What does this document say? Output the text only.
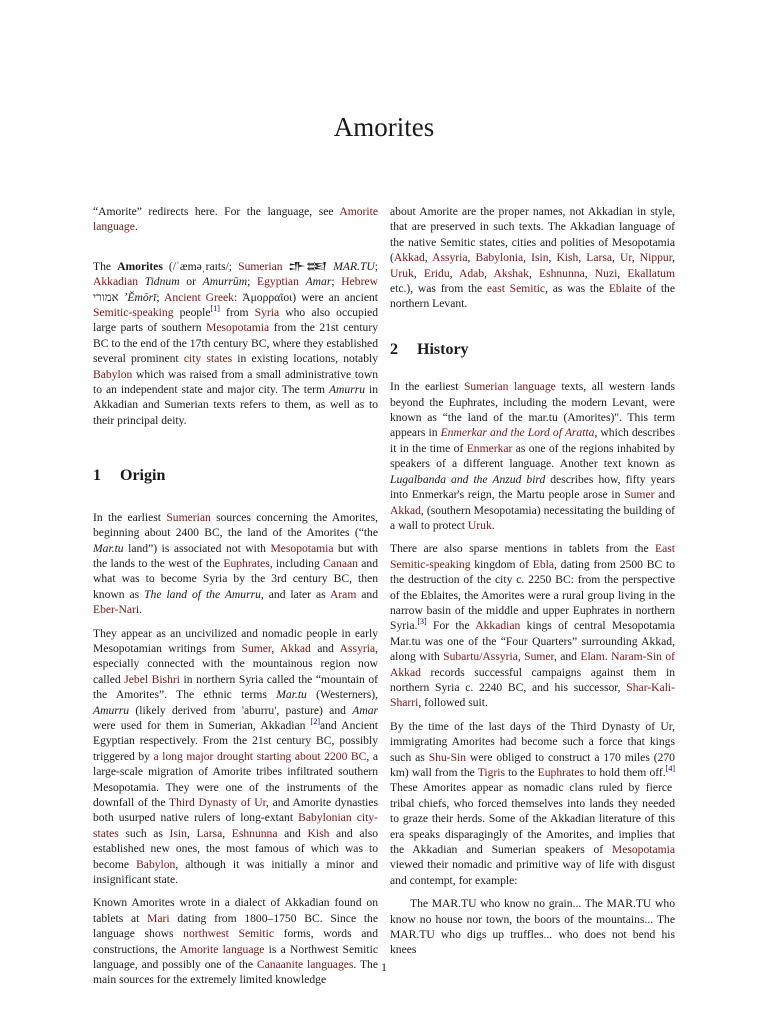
Amorites

“Amorite” redirects here. For the language, see Amorite language.

The Amorites (/ˈæməˌraɪts/; Sumerian 𒈥𒌅 MAR.TU; Akkadian Tidnum or Amurrūm; Egyptian Amar; Hebrew אמורי ʼĔmōrī; Ancient Greek: Ἀμορραῖοι) were an ancient Semitic-speaking people[1] from Syria who also occupied large parts of southern Mesopotamia from the 21st century BC to the end of the 17th century BC, where they established several prominent city states in existing locations, notably Babylon which was raised from a small administrative town to an independent state and major city. The term Amurru in Akkadian and Sumerian texts refers to them, as well as to their principal deity.

1 Origin

In the earliest Sumerian sources concerning the Amorites, beginning about 2400 BC, the land of the Amorites (“the Mar.tu land”) is associated not with Mesopotamia but with the lands to the west of the Euphrates, including Canaan and what was to become Syria by the 3rd century BC, then known as The land of the Amurru, and later as Aram and Eber-Nari.

They appear as an uncivilized and nomadic people in early Mesopotamian writings from Sumer, Akkad and Assyria, especially connected with the mountainous region now called Jebel Bishri in northern Syria called the “mountain of the Amorites”. The ethnic terms Mar.tu (Westerners), Amurru (likely derived from 'aburru', pasture) and Amar were used for them in Sumerian, Akkadian [2]and Ancient Egyptian respectively. From the 21st century BC, possibly triggered by a long major drought starting about 2200 BC, a large-scale migration of Amorite tribes infiltrated southern Mesopotamia. They were one of the instruments of the downfall of the Third Dynasty of Ur, and Amorite dynasties both usurped native rulers of long-extant Babylonian city-states such as Isin, Larsa, Eshnunna and Kish and also established new ones, the most famous of which was to become Babylon, although it was initially a minor and insignificant state.

Known Amorites wrote in a dialect of Akkadian found on tablets at Mari dating from 1800–1750 BC. Since the language shows northwest Semitic forms, words and constructions, the Amorite language is a Northwest Semitic language, and possibly one of the Canaanite languages. The main sources for the extremely limited knowledge

about Amorite are the proper names, not Akkadian in style, that are preserved in such texts. The Akkadian language of the native Semitic states, cities and polities of Mesopotamia (Akkad, Assyria, Babylonia, Isin, Kish, Larsa, Ur, Nippur, Uruk, Eridu, Adab, Akshak, Eshnunna, Nuzi, Ekallatum etc.), was from the east Semitic, as was the Eblaite of the northern Levant.

2 History

In the earliest Sumerian language texts, all western lands beyond the Euphrates, including the modern Levant, were known as “the land of the mar.tu (Amorites)". This term appears in Enmerkar and the Lord of Aratta, which describes it in the time of Enmerkar as one of the regions inhabited by speakers of a different language. Another text known as Lugalbanda and the Anzud bird describes how, fifty years into Enmerkar's reign, the Martu people arose in Sumer and Akkad, (southern Mesopotamia) necessitating the building of a wall to protect Uruk.

There are also sparse mentions in tablets from the East Semitic-speaking kingdom of Ebla, dating from 2500 BC to the destruction of the city c. 2250 BC: from the perspective of the Eblaites, the Amorites were a rural group living in the narrow basin of the middle and upper Euphrates in northern Syria.[3] For the Akkadian kings of central Mesopotamia Mar.tu was one of the “Four Quarters” surrounding Akkad, along with Subartu/Assyria, Sumer, and Elam. Naram-Sin of Akkad records successful campaigns against them in northern Syria c. 2240 BC, and his successor, Shar-Kali-Sharri, followed suit.

By the time of the last days of the Third Dynasty of Ur, immigrating Amorites had become such a force that kings such as Shu-Sin were obliged to construct a 170 miles (270 km) wall from the Tigris to the Euphrates to hold them off.[4] These Amorites appear as nomadic clans ruled by fierce tribal chiefs, who forced themselves into lands they needed to graze their herds. Some of the Akkadian literature of this era speaks disparagingly of the Amorites, and implies that the Akkadian and Sumerian speakers of Mesopotamia viewed their nomadic and primitive way of life with disgust and contempt, for example:

The MAR.TU who know no grain... The MAR.TU who know no house nor town, the boors of the mountains... The MAR.TU who digs up truffles... who does not bend his knees

1
